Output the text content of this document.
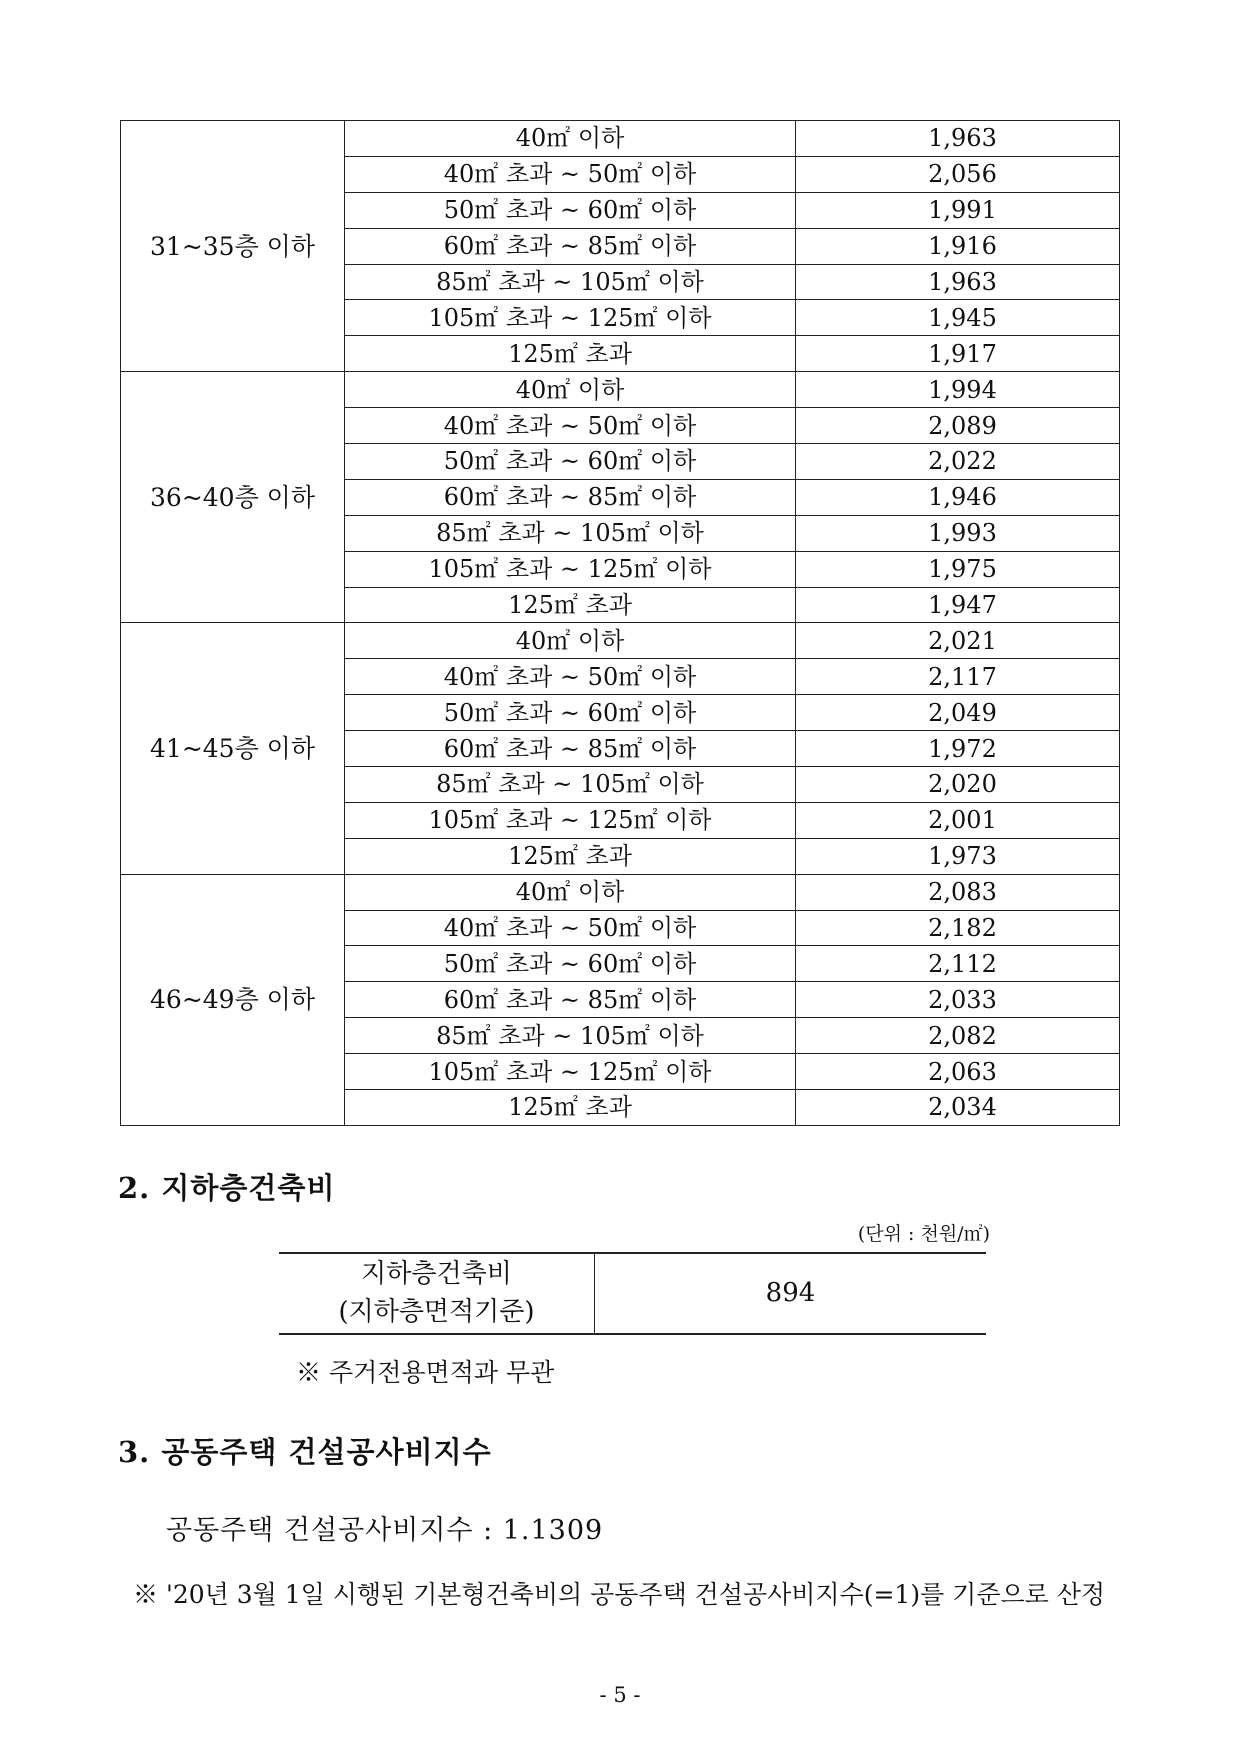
31~35층 이하	40㎡ 이하	1,963
	40㎡ 초과 ~ 50㎡ 이하	2,056
	50㎡ 초과 ~ 60㎡ 이하	1,991
	60㎡ 초과 ~ 85㎡ 이하	1,916
	85㎡ 초과 ~ 105㎡ 이하	1,963
	105㎡ 초과 ~ 125㎡ 이하	1,945
	125㎡ 초과	1,917
36~40층 이하	40㎡ 이하	1,994
	40㎡ 초과 ~ 50㎡ 이하	2,089
	50㎡ 초과 ~ 60㎡ 이하	2,022
	60㎡ 초과 ~ 85㎡ 이하	1,946
	85㎡ 초과 ~ 105㎡ 이하	1,993
	105㎡ 초과 ~ 125㎡ 이하	1,975
	125㎡ 초과	1,947
41~45층 이하	40㎡ 이하	2,021
	40㎡ 초과 ~ 50㎡ 이하	2,117
	50㎡ 초과 ~ 60㎡ 이하	2,049
	60㎡ 초과 ~ 85㎡ 이하	1,972
	85㎡ 초과 ~ 105㎡ 이하	2,020
	105㎡ 초과 ~ 125㎡ 이하	2,001
	125㎡ 초과	1,973
46~49층 이하	40㎡ 이하	2,083
	40㎡ 초과 ~ 50㎡ 이하	2,182
	50㎡ 초과 ~ 60㎡ 이하	2,112
	60㎡ 초과 ~ 85㎡ 이하	2,033
	85㎡ 초과 ~ 105㎡ 이하	2,082
	105㎡ 초과 ~ 125㎡ 이하	2,063
	125㎡ 초과	2,034
2. 지하층건축비
(단위 : 천원/㎡)
지하층건축비
(지하층면적기준)
	894
※ 주거전용면적과 무관
3. 공동주택 건설공사비지수
공동주택 건설공사비지수 : 1.1309
※ '20년 3월 1일 시행된 기본형건축비의 공동주택 건설공사비지수(=1)를 기준으로 산정
- 5 -
